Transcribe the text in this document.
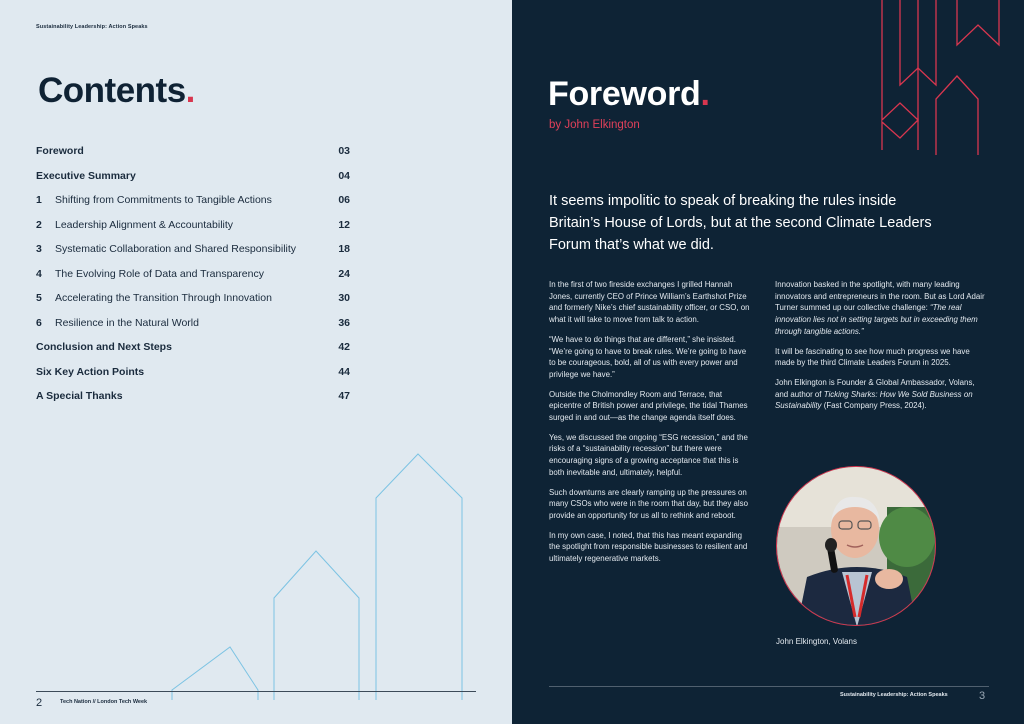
Sustainability Leadership: Action Speaks
Contents.
Foreword	03
Executive Summary	04
1 Shifting from Commitments to Tangible Actions	06
2 Leadership Alignment & Accountability	12
3 Systematic Collaboration and Shared Responsibility	18
4 The Evolving Role of Data and Transparency	24
5 Accelerating the Transition Through Innovation	30
6 Resilience in the Natural World	36
Conclusion and Next Steps	42
Six Key Action Points	44
A Special Thanks	47
2	Tech Nation // London Tech Week
Foreword.
by John Elkington
It seems impolitic to speak of breaking the rules inside Britain’s House of Lords, but at the second Climate Leaders Forum that’s what we did.

In the first of two fireside exchanges I grilled Hannah Jones, currently CEO of Prince William’s Earthshot Prize and formerly Nike’s chief sustainability officer, or CSO, on what it will take to move from talk to action.

“We have to do things that are different,” she insisted. “We’re going to have to break rules. We’re going to have to be courageous, bold, all of us with every power and privilege we have.”

Outside the Cholmondley Room and Terrace, that epicentre of British power and privilege, the tidal Thames surged in and out—as the change agenda itself does.

Yes, we discussed the ongoing “ESG recession,” and the risks of a “sustainability recession” but there were encouraging signs of a growing acceptance that this is both inevitable and, ultimately, helpful.

Such downturns are clearly ramping up the pressures on many CSOs who were in the room that day, but they also provide an opportunity for us all to rethink and reboot.

In my own case, I noted, that this has meant expanding the spotlight from responsible businesses to resilient and ultimately regenerative markets.

Innovation basked in the spotlight, with many leading innovators and entrepreneurs in the room. But as Lord Adair Turner summed up our collective challenge: “The real innovation lies not in setting targets but in exceeding them through tangible actions.”

It will be fascinating to see how much progress we have made by the third Climate Leaders Forum in 2025.

John Elkington is Founder & Global Ambassador, Volans, and author of Ticking Sharks: How We Sold Business on Sustainability (Fast Company Press, 2024).

John Elkington, Volans
Sustainability Leadership: Action Speaks	3
